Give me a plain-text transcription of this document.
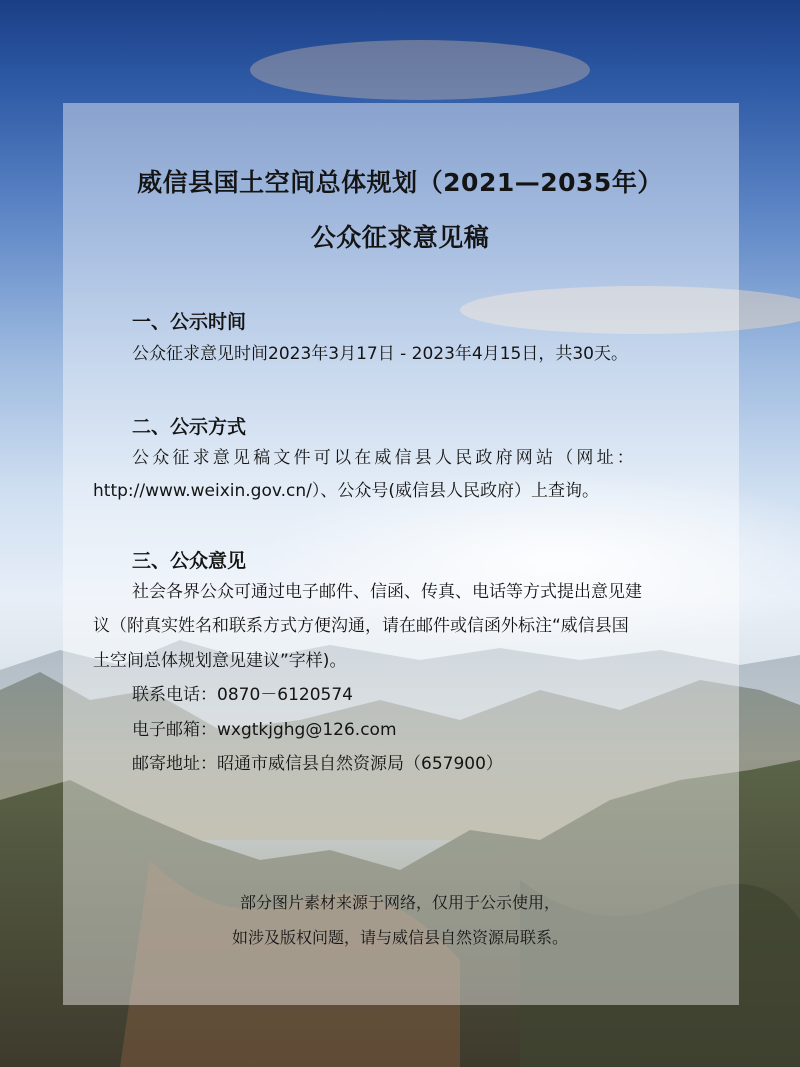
威信县国土空间总体规划（2021—2035年）
公众征求意见稿
一、公示时间
公众征求意见时间2023年3月17日 - 2023年4月15日，共30天。
二、公示方式
公众征求意见稿文件可以在威信县人民政府网站（网址：
http://www.weixin.gov.cn/）、公众号(威信县人民政府）上查询。
三、公众意见
社会各界公众可通过电子邮件、信函、传真、电话等方式提出意见建
议（附真实姓名和联系方式方便沟通，请在邮件或信函外标注“威信县国
土空间总体规划意见建议”字样)。
联系电话：0870－6120574
电子邮箱：wxgtkjghg@126.com
邮寄地址：昭通市威信县自然资源局（657900）
部分图片素材来源于网络，仅用于公示使用，
如涉及版权问题，请与威信县自然资源局联系。
